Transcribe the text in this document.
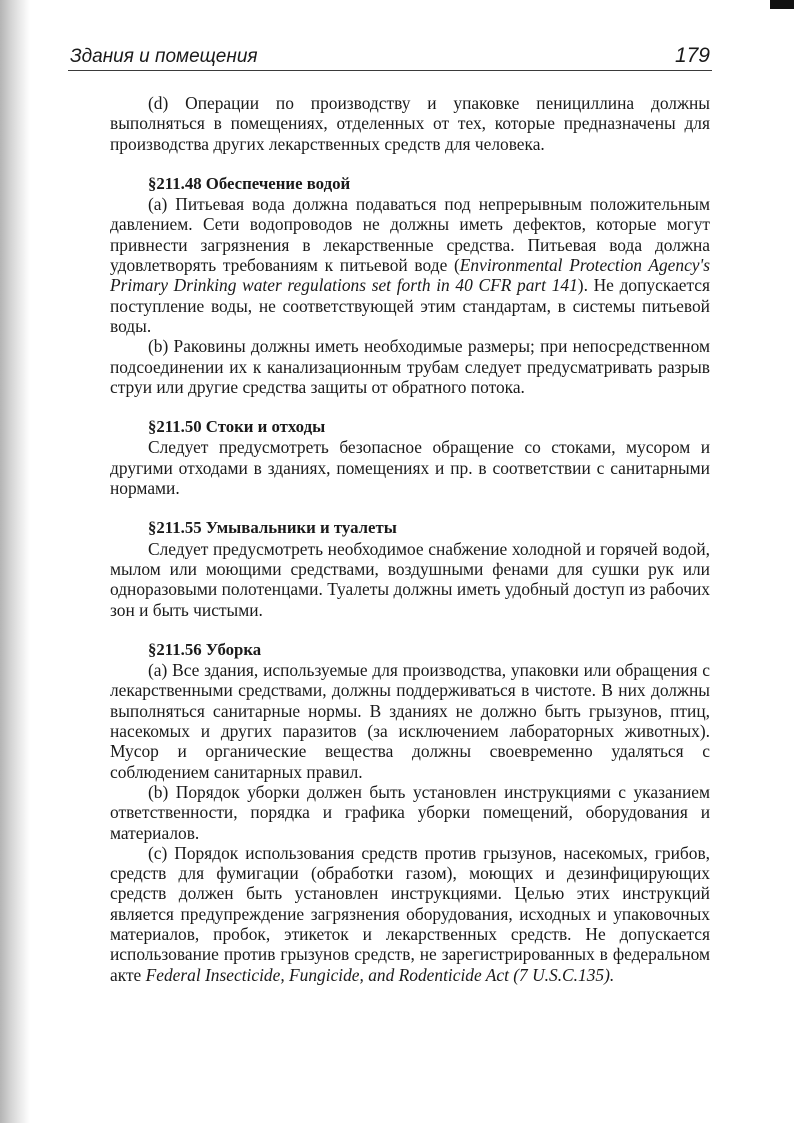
Здания и помещения	179

(d) Операции по производству и упаковке пенициллина должны выполняться в помещениях, отделенных от тех, которые предназначены для производства других лекарственных средств для человека.

§211.48 Обеспечение водой

(a) Питьевая вода должна подаваться под непрерывным положительным давлением. Сети водопроводов не должны иметь дефектов, которые могут привнести загрязнения в лекарственные средства. Питьевая вода должна удовлетворять требованиям к питьевой воде (Environmental Protection Agency's Primary Drinking water regulations set forth in 40 CFR part 141). Не допускается поступление воды, не соответствующей этим стандартам, в системы питьевой воды.

(b) Раковины должны иметь необходимые размеры; при непосредственном подсоединении их к канализационным трубам следует предусматривать разрыв струи или другие средства защиты от обратного потока.

§211.50 Стоки и отходы

Следует предусмотреть безопасное обращение со стоками, мусором и другими отходами в зданиях, помещениях и пр. в соответствии с санитарными нормами.

§211.55 Умывальники и туалеты

Следует предусмотреть необходимое снабжение холодной и горячей водой, мылом или моющими средствами, воздушными фенами для сушки рук или одноразовыми полотенцами. Туалеты должны иметь удобный доступ из рабочих зон и быть чистыми.

§211.56 Уборка

(a) Все здания, используемые для производства, упаковки или обращения с лекарственными средствами, должны поддерживаться в чистоте. В них должны выполняться санитарные нормы. В зданиях не должно быть грызунов, птиц, насекомых и других паразитов (за исключением лабораторных животных). Мусор и органические вещества должны своевременно удаляться с соблюдением санитарных правил.

(b) Порядок уборки должен быть установлен инструкциями с указанием ответственности, порядка и графика уборки помещений, оборудования и материалов.

(c) Порядок использования средств против грызунов, насекомых, грибов, средств для фумигации (обработки газом), моющих и дезинфицирующих средств должен быть установлен инструкциями. Целью этих инструкций является предупреждение загрязнения оборудования, исходных и упаковочных материалов, пробок, этикеток и лекарственных средств. Не допускается использование против грызунов средств, не зарегистрированных в федеральном акте Federal Insecticide, Fungicide, and Rodenticide Act (7 U.S.C.135).
